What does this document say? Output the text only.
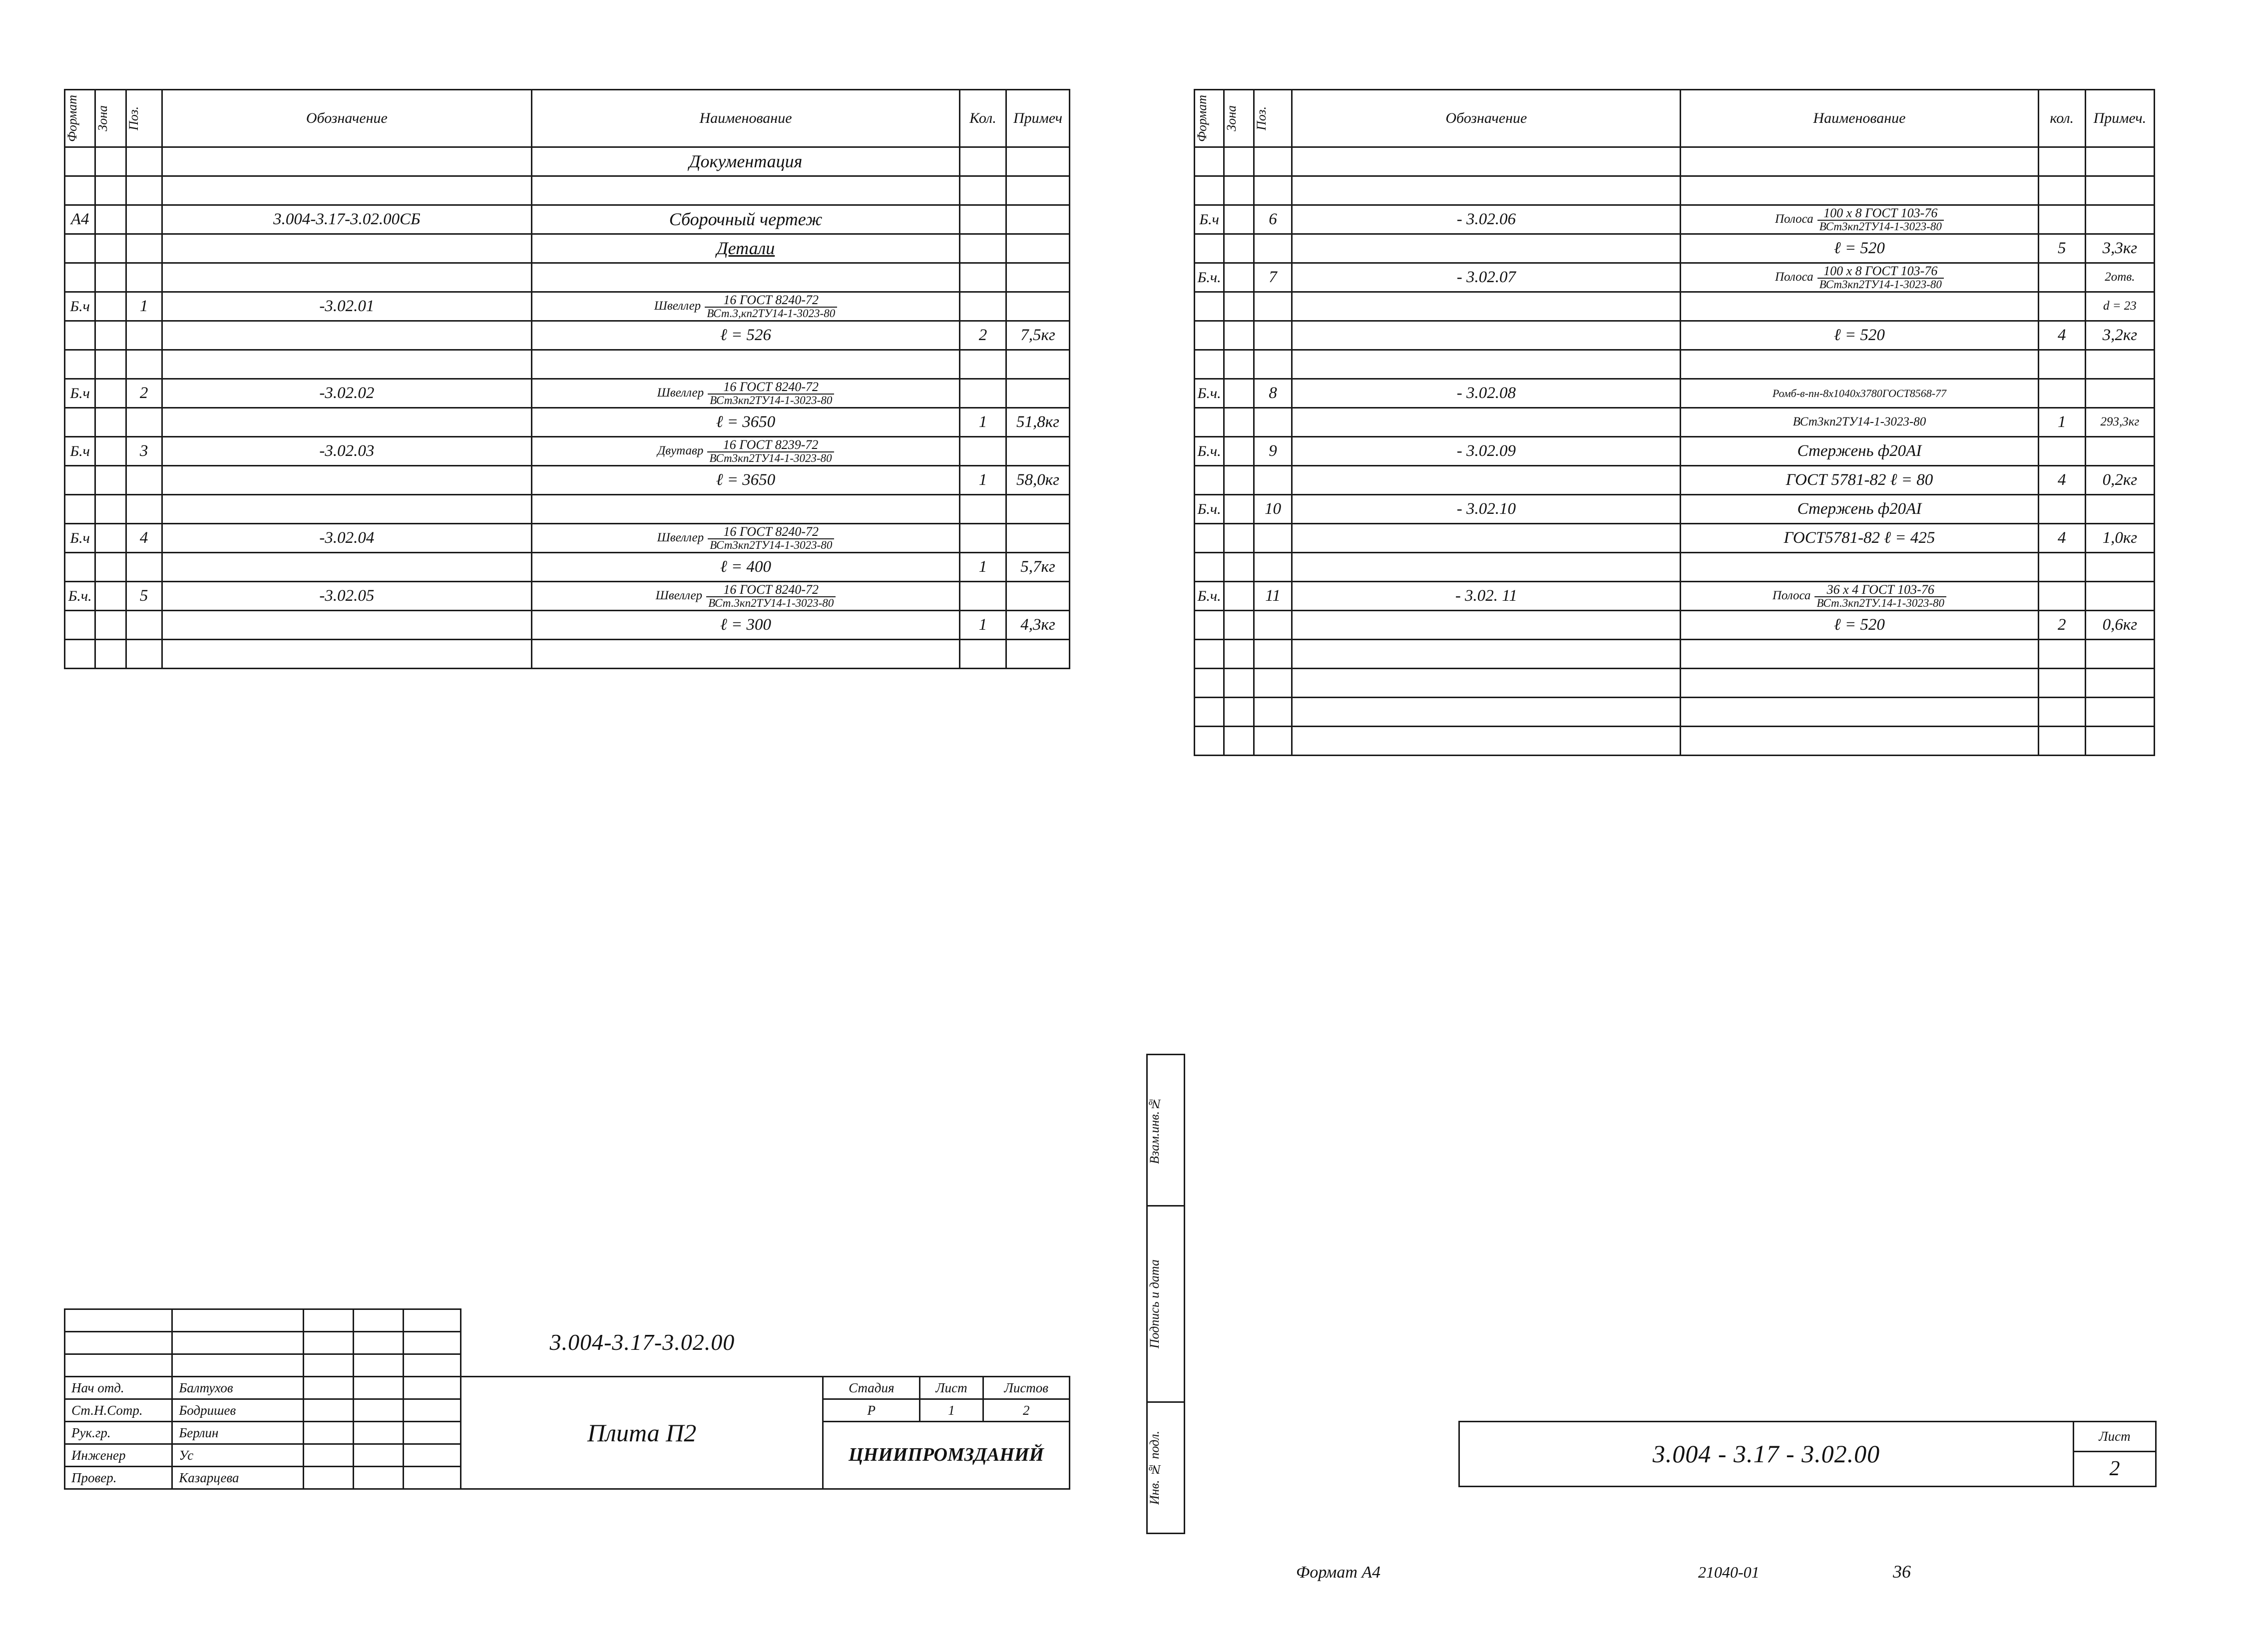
Формат	Зона	Поз.	Обозначение	Наименование	Кол.	Примеч
				Документация		

А4			3.004-3.17-3.02.00СБ	Сборочный чертеж		
				Детали		

Б.ч		1	-3.02.01	Швеллер $\frac{\text{16 ГОСТ 8240-72}}{\text{ВСт.3,кп2ТУ14-1-3023-80}}$

				ℓ = 526	2	7,5кг

Б.ч		2	-3.02.02	Швеллер $\frac{\text{16 ГОСТ 8240-72}}{\text{ВСт3кп2ТУ14-1-3023-80}}$

				ℓ = 3650	1	51,8кг
Б.ч		3	-3.02.03	Двутавр $\frac{\text{16 ГОСТ 8239-72}}{\text{ВСт3кп2ТУ14-1-3023-80}}$

				ℓ = 3650	1	58,0кг

Б.ч		4	-3.02.04	Швеллер $\frac{\text{16 ГОСТ 8240-72}}{\text{ВСт3кп2ТУ14-1-3023-80}}$

				ℓ = 400	1	5,7кг
Б.ч.		5	-3.02.05	Швеллер $\frac{\text{16 ГОСТ 8240-72}}{\text{ВСт.3кп2ТУ14-1-3023-80}}$

				ℓ = 300	1	4,3кг

					3.004-3.17-3.02.00			

Нач отд.	Балтухов				Плита П2	Стадия	Лист	Листов
Ст.Н.Сотр.	Бодришев					Р	1	2
Рук.гр.	Берлин					ЦНИИПРОМЗДАНИЙ		

Инженер	Ус							
Провер.	Казарцева							
Взам.инв.№

Подпись и дата

Инв. № подл.
Формат	Зона	Поз.	Обозначение	Наименование	кол.	Примеч.

Б.ч		6	- 3.02.06	Полоса $\frac{\text{100 x 8 ГОСТ 103-76}}{\text{ВСт3кп2ТУ14-1-3023-80}}$

				ℓ = 520	5	3,3кг
Б.ч.		7	- 3.02.07	Полоса $\frac{\text{100 x 8 ГОСТ 103-76}}{\text{ВСт3кп2ТУ14-1-3023-80}}$		2отв.
						d = 23
				ℓ = 520	4	3,2кг

Б.ч.		8	- 3.02.08	Ромб-в-пн-8x1040x3780ГОСТ8568-77		
				ВСт3кп2ТУ14-1-3023-80	1	293,3кг
Б.ч.		9	- 3.02.09	Стержень ф20АI		
				ГОСТ 5781-82 ℓ = 80	4	0,2кг
Б.ч.		10	- 3.02.10	Стержень ф20АI		
				ГОСТ5781-82 ℓ = 425	4	1,0кг

Б.ч.		11	- 3.02. 11	Полоса $\frac{\text{36 x 4 ГОСТ 103-76}}{\text{ВСт.3кп2ТУ.14-1-3023-80}}$

				ℓ = 520	2	0,6кг

3.004 - 3.17 - 3.02.00
	Лист
2
Формат А4	21040-01	36
